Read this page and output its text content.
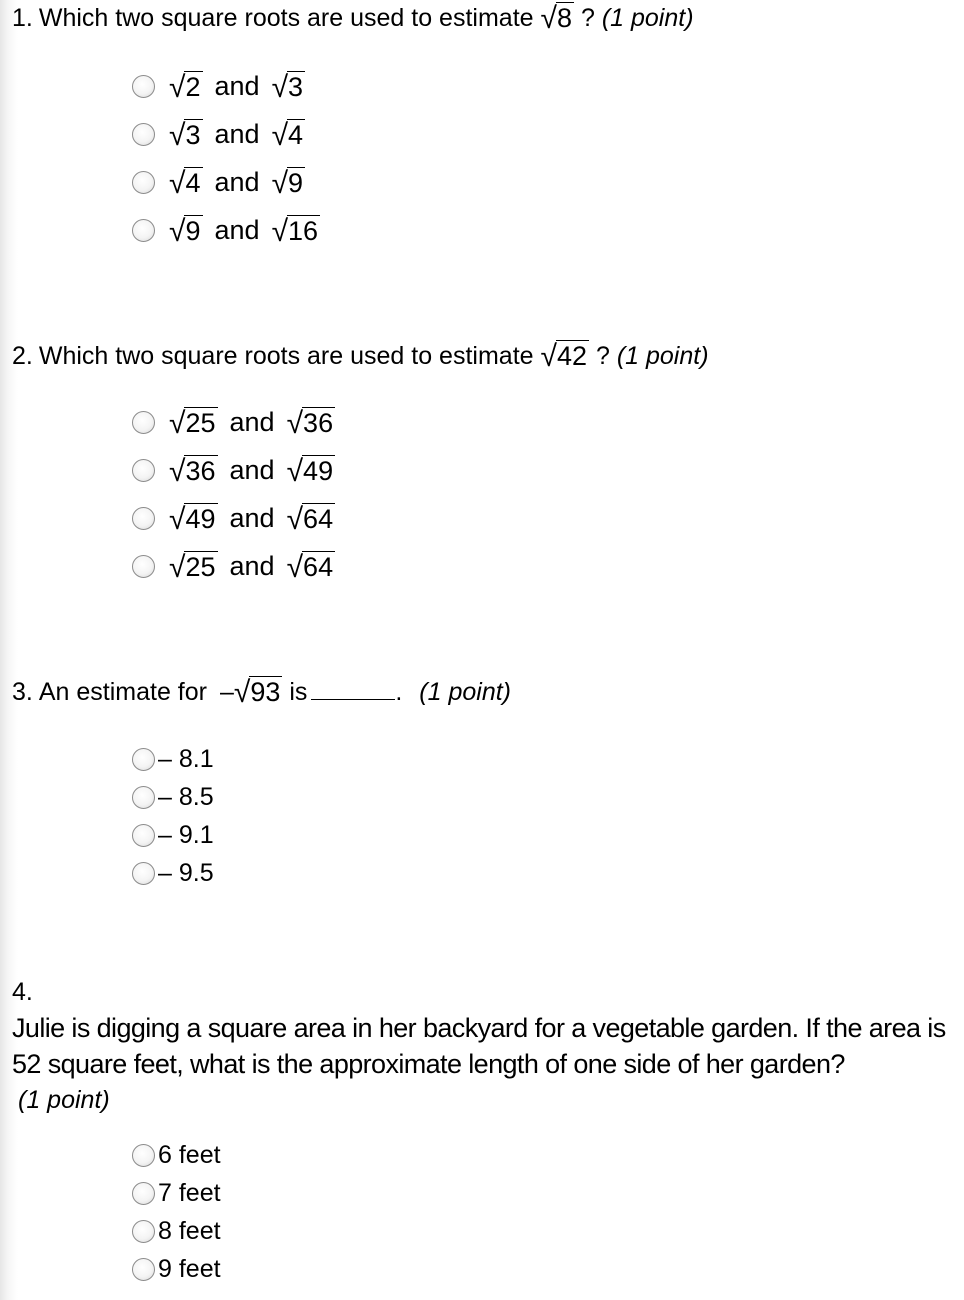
1. Which two square roots are used to estimate √ 8 ? (1 point)
√ 2 and √ 3
√ 3 and √ 4
√ 4 and √ 9
√ 9 and √ 16
2. Which two square roots are used to estimate √ 42 ? (1 point)
√ 25 and √ 36
√ 36 and √ 49
√ 49 and √ 64
√ 25 and √ 64
3. An estimate for – √ 93 is	. (1 point)
– 8.1
– 8.5
– 9.1
– 9.5
4.
Julie is digging a square area in her backyard for a vegetable garden. If the area is
52 square feet, what is the approximate length of one side of her garden?
(1 point)
6 feet
7 feet
8 feet
9 feet
